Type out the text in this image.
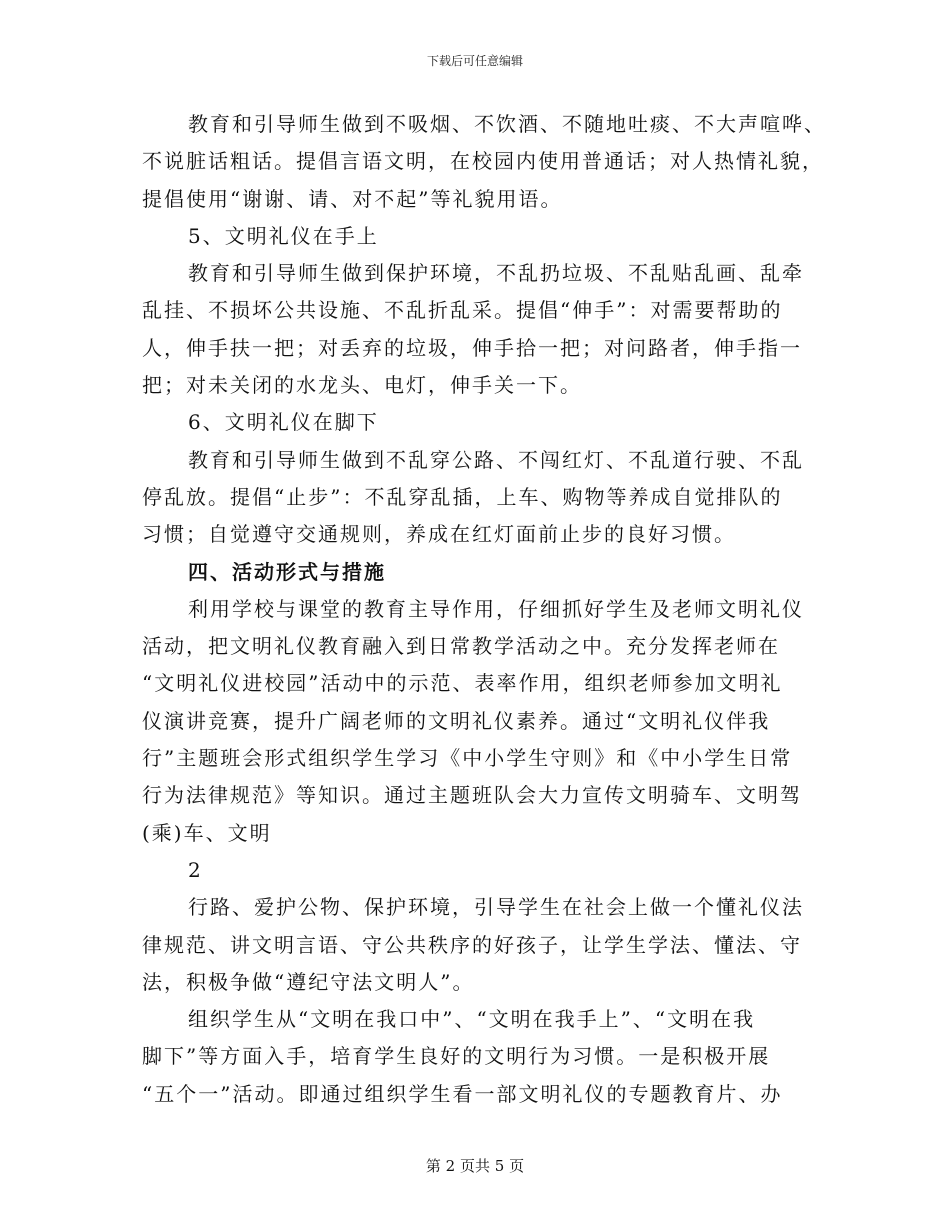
下载后可任意编辑
教育和引导师生做到不吸烟、不饮酒、不随地吐痰、不大声喧哗、
不说脏话粗话。提倡言语文明，在校园内使用普通话；对人热情礼貌，
提倡使用“谢谢、请、对不起”等礼貌用语。
5、文明礼仪在手上
教育和引导师生做到保护环境，不乱扔垃圾、不乱贴乱画、乱牵
乱挂、不损坏公共设施、不乱折乱采。提倡“伸手”：对需要帮助的
人，伸手扶一把；对丢弃的垃圾，伸手拾一把；对问路者，伸手指一
把；对未关闭的水龙头、电灯，伸手关一下。
6、文明礼仪在脚下
教育和引导师生做到不乱穿公路、不闯红灯、不乱道行驶、不乱
停乱放。提倡“止步”：不乱穿乱插，上车、购物等养成自觉排队的
习惯；自觉遵守交通规则，养成在红灯面前止步的良好习惯。
四、活动形式与措施
利用学校与课堂的教育主导作用，仔细抓好学生及老师文明礼仪
活动，把文明礼仪教育融入到日常教学活动之中。充分发挥老师在
“文明礼仪进校园”活动中的示范、表率作用，组织老师参加文明礼
仪演讲竞赛，提升广阔老师的文明礼仪素养。通过“文明礼仪伴我
行”主题班会形式组织学生学习《中小学生守则》和《中小学生日常
行为法律规范》等知识。通过主题班队会大力宣传文明骑车、文明驾
(乘)车、文明
2
行路、爱护公物、保护环境，引导学生在社会上做一个懂礼仪法
律规范、讲文明言语、守公共秩序的好孩子，让学生学法、懂法、守
法，积极争做“遵纪守法文明人”。
组织学生从“文明在我口中”、“文明在我手上”、“文明在我
脚下”等方面入手，培育学生良好的文明行为习惯。一是积极开展
“五个一”活动。即通过组织学生看一部文明礼仪的专题教育片、办
第 2 页共 5 页
